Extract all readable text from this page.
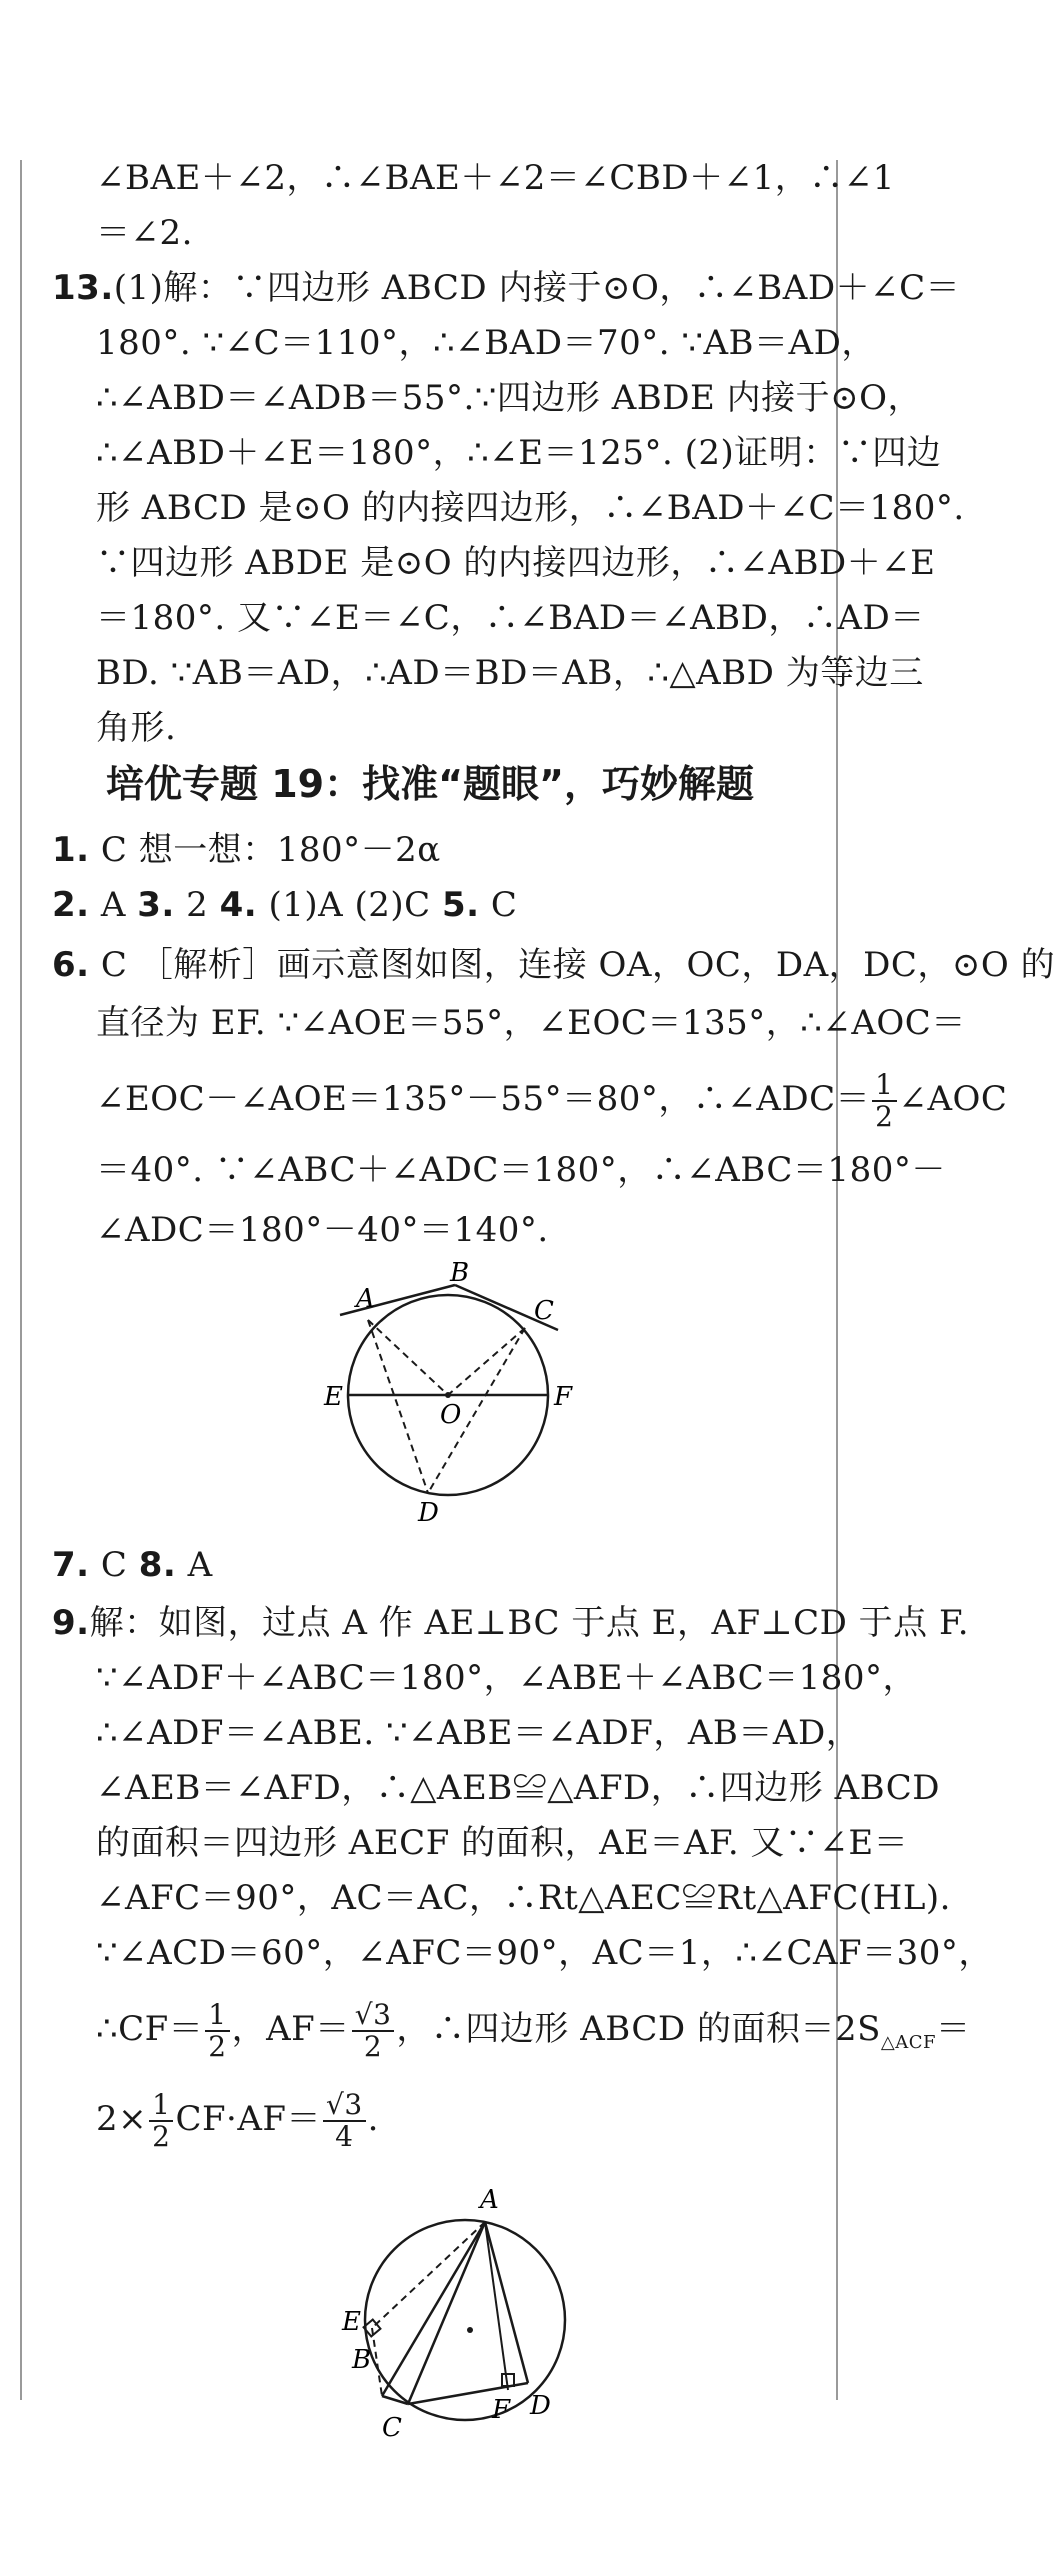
∠BAE＋∠2，∴∠BAE＋∠2＝∠CBD＋∠1，∴∠1
＝∠2.
13.(1)解：∵四边形 ABCD 内接于⊙O，∴∠BAD＋∠C＝
180°. ∵∠C＝110°，∴∠BAD＝70°. ∵AB＝AD，
∴∠ABD＝∠ADB＝55°.∵四边形 ABDE 内接于⊙O，
∴∠ABD＋∠E＝180°，∴∠E＝125°. (2)证明：∵四边
形 ABCD 是⊙O 的内接四边形，∴∠BAD＋∠C＝180°.
∵四边形 ABDE 是⊙O 的内接四边形，∴∠ABD＋∠E
＝180°. 又∵∠E＝∠C，∴∠BAD＝∠ABD，∴AD＝
BD. ∵AB＝AD，∴AD＝BD＝AB，∴△ABD 为等边三
角形.
培优专题 19：找准“题眼”，巧妙解题
1. C 想一想：180°－2α
2. A 3. 2 4. (1)A (2)C 5. C
6. C ［解析］画示意图如图，连接 OA，OC，DA，DC，⊙O 的
直径为 EF. ∵∠AOE＝55°，∠EOC＝135°，∴∠AOC＝
∠EOC－∠AOE＝135°－55°＝80°，∴∠ADC＝ $\frac{1}{2}$ ∠AOC
＝40°. ∵∠ABC＋∠ADC＝180°，∴∠ABC＝180°－
∠ADC＝180°－40°＝140°.
A
B
C
E
O
F
D
7. C 8. A
9.解：如图，过点 A 作 AE⊥BC 于点 E，AF⊥CD 于点 F.
∵∠ADF＋∠ABC＝180°，∠ABE＋∠ABC＝180°，
∴∠ADF＝∠ABE. ∵∠ABE＝∠ADF，AB＝AD，
∠AEB＝∠AFD，∴△AEB≌△AFD，∴四边形 ABCD
的面积＝四边形 AECF 的面积，AE＝AF. 又∵∠E＝
∠AFC＝90°，AC＝AC，∴Rt△AEC≌Rt△AFC(HL).
∵∠ACD＝60°，∠AFC＝90°，AC＝1，∴∠CAF＝30°，
∴CF＝ $\frac{1}{2}$ ，$AF= \frac{√3}{2}$ ，∴四边形 ABCD 的面积$=2S_{\triangle ACF}=$
$2\times \frac{1}{2} CF\cdot AF= \frac{√3}{4}$ .
A
E
B
C
F D
